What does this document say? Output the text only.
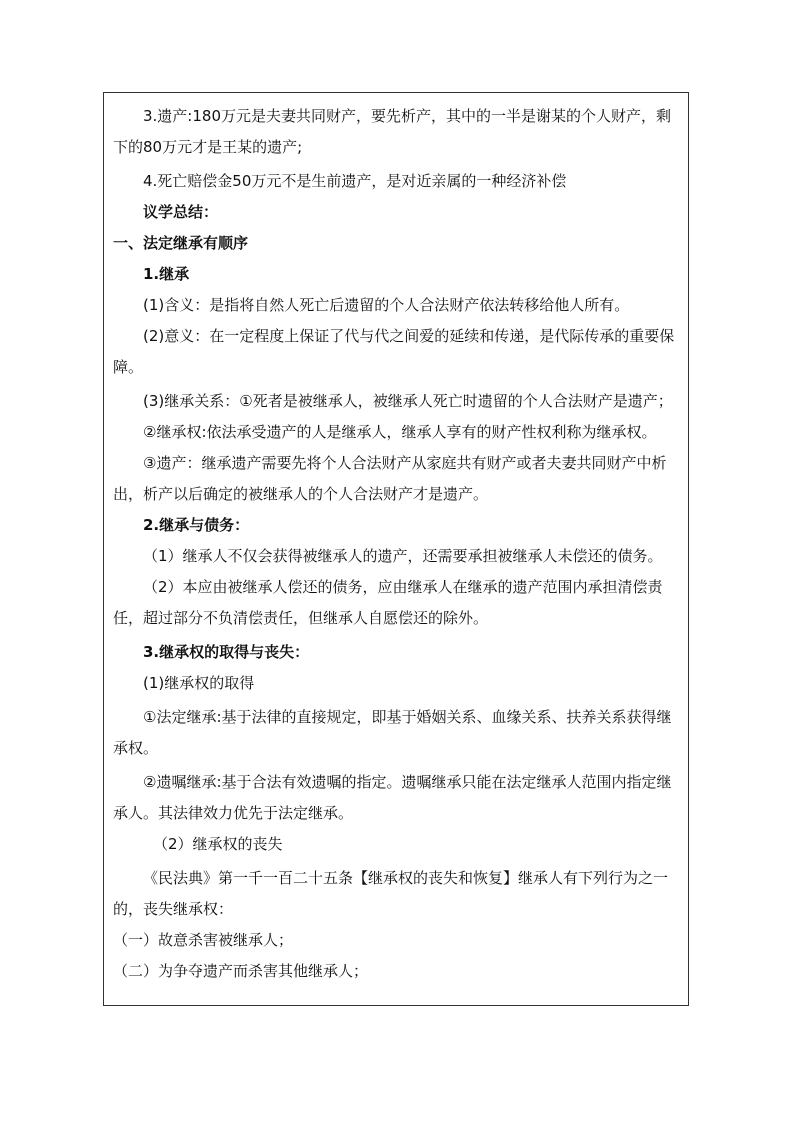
3.遗产:180万元是夫妻共同财产，要先析产，其中的一半是谢某的个人财产，剩下的80万元才是王某的遗产;

4.死亡赔偿金50万元不是生前遗产，是对近亲属的一种经济补偿

议学总结：

一、法定继承有顺序

1.继承

(1)含义：是指将自然人死亡后遗留的个人合法财产依法转移给他人所有。

(2)意义：在一定程度上保证了代与代之间爱的延续和传递，是代际传承的重要保障。

(3)继承关系：①死者是被继承人，被继承人死亡时遗留的个人合法财产是遗产；

②继承权:依法承受遗产的人是继承人，继承人享有的财产性权利称为继承权。

③遗产：继承遗产需要先将个人合法财产从家庭共有财产或者夫妻共同财产中析出，析产以后确定的被继承人的个人合法财产才是遗产。

2.继承与债务：

（1）继承人不仅会获得被继承人的遗产，还需要承担被继承人未偿还的债务。

（2）本应由被继承人偿还的债务，应由继承人在继承的遗产范围内承担清偿责任，超过部分不负清偿责任，但继承人自愿偿还的除外。

3.继承权的取得与丧失：

(1)继承权的取得

①法定继承:基于法律的直接规定，即基于婚姻关系、血缘关系、扶养关系获得继承权。

②遗嘱继承:基于合法有效遗嘱的指定。遗嘱继承只能在法定继承人范围内指定继承人。其法律效力优先于法定继承。

（2）继承权的丧失

《民法典》第一千一百二十五条【继承权的丧失和恢复】继承人有下列行为之一的，丧失继承权：

（一）故意杀害被继承人；

（二）为争夺遗产而杀害其他继承人；
